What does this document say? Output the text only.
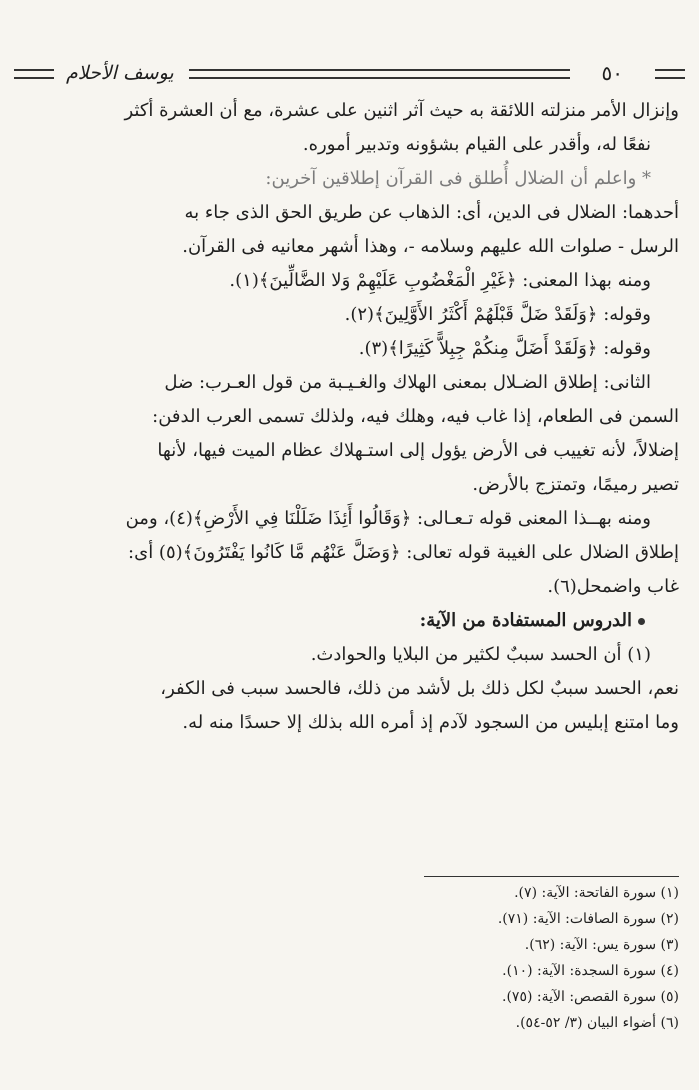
٥٠
يوسف الأحلام

وإنزال الأمر منزلته اللائقة به حيث آثر اثنين على عشرة، مع أن العشرة أكثر

نفعًا له، وأقدر على القيام بشؤونه وتدبير أموره.

* واعلم أن الضلال أُطلق فى القرآن إطلاقين آخرين:

أحدهما: الضلال فى الدين، أى: الذهاب عن طريق الحق الذى جاء به

الرسل - صلوات الله عليهم وسلامه -، وهذا أشهر معانيه فى القرآن.

ومنه بهذا المعنى: ﴿غَيْرِ الْمَغْضُوبِ عَلَيْهِمْ وَلا الضَّالِّينَ﴾(١).

وقوله: ﴿وَلَقَدْ ضَلَّ قَبْلَهُمْ أَكْثَرُ الأَوَّلِينَ﴾(٢).

وقوله: ﴿وَلَقَدْ أَضَلَّ مِنكُمْ جِبِلاًّ كَثِيرًا﴾(٣).

الثانى: إطلاق الضـلال بمعنى الهلاك والغـيـبة من قول العـرب: ضل

السمن فى الطعام، إذا غاب فيه، وهلك فيه، ولذلك تسمى العرب الدفن:

إضلالاً، لأنه تغييب فى الأرض يؤول إلى استـهلاك عظام الميت فيها، لأنها

تصير رميمًا، وتمتزج بالأرض.

ومنه بهــذا المعنى قوله تـعـالى: ﴿وَقَالُوا أَئِذَا ضَلَلْنَا فِي الأَرْضِ﴾(٤)، ومن

إطلاق الضلال على الغيبة قوله تعالى: ﴿وَضَلَّ عَنْهُم مَّا كَانُوا يَفْتَرُونَ﴾(٥) أى:

غاب واضمحل(٦).

الدروس المستفادة من الآية:

(١) أن الحسد سببٌ لكثير من البلايا والحوادث.

نعم، الحسد سببٌ لكل ذلك بل لأشد من ذلك، فالحسد سبب فى الكفر،

وما امتنع إبليس من السجود لآدم إذ أمره الله بذلك إلا حسدًا منه له.

(١) سورة الفاتحة: الآية: (٧).
(٢) سورة الصافات: الآية: (٧١).
(٣) سورة يس: الآية: (٦٢).
(٤) سورة السجدة: الآية: (١٠).
(٥) سورة القصص: الآية: (٧٥).
(٦) أضواء البيان (٣/ ٥٢-٥٤).
